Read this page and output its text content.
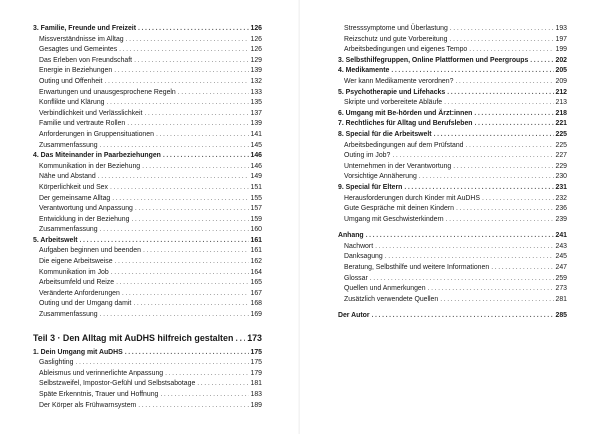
3. Familie, Freunde und Freizeit .....	126
Missverständnisse im Alltag .....	126
Gesagtes und Gemeintes .....	126
Das Erleben von Freundschaft .....	129
Energie in Beziehungen .....	139
Outing und Offenheit .....	132
Erwartungen und unausgesprochene Regeln .....	133
Konflikte und Klärung .....	135
Verbindlichkeit und Verlässlichkeit .....	137
Familie und vertraute Rollen .....	139
Anforderungen in Gruppensituationen .....	141
Zusammenfassung .....	145
4. Das Miteinander in Paarbeziehungen .....	146
Kommunikation in der Beziehung .....	146
Nähe und Abstand .....	149
Körperlichkeit und Sex .....	151
Der gemeinsame Alltag .....	155
Verantwortung und Anpassung .....	157
Entwicklung in der Beziehung .....	159
Zusammenfassung .....	160
5. Arbeitswelt .....	161
Aufgaben beginnen und beenden .....	161
Die eigene Arbeitsweise .....	162
Kommunikation im Job .....	164
Arbeitsumfeld und Reize .....	165
Veränderte Anforderungen .....	167
Outing und der Umgang damit .....	168
Zusammenfassung .....	169
Teil 3 · Den Alltag mit AuDHS hilfreich gestalten ..... 173
1. Dein Umgang mit AuDHS .....	175
Gaslighting .....	175
Ableismus und verinnerlichte Anpassung .....	179
Selbstzweifel, Impostor-Gefühl und Selbstsabotage .....	181
Späte Erkenntnis, Trauer und Hoffnung .....	183
Der Körper als Frühwarnsystem .....	189
Stresssymptome und Überlastung .....	193
Reizschutz und gute Vorbereitung .....	197
Arbeitsbedingungen und eigenes Tempo .....	199
3. Selbsthilfegruppen, Online Plattformen und Peergroups .....	202
4. Medikamente .....	205
Wer kann Medikamente verordnen? .....	209
5. Psychotherapie und Lifehacks .....	212
Skripte und vorbereitete Abläufe .....	213
6. Umgang mit Be-hörden und Ärzt:innen .....	218
7. Rechtliches für Alltag und Berufsleben .....	221
8. Special für die Arbeitswelt .....	225
Arbeitsbedingungen auf dem Prüfstand .....	225
Outing im Job? .....	227
Unternehmen in der Verantwortung .....	229
Vorsichtige Annäherung .....	230
9. Special für Eltern .....	231
Herausforderungen durch Kinder mit AuDHS .....	232
Gute Gespräche mit deinen Kindern .....	236
Umgang mit Geschwisterkindern .....	239
Anhang .....	241
Nachwort .....	243
Danksagung .....	245
Beratung, Selbsthilfe und weitere Informationen .....	247
Glossar .....	259
Quellen und Anmerkungen .....	273
Zusätzlich verwendete Quellen .....	281
Der Autor .....	285
